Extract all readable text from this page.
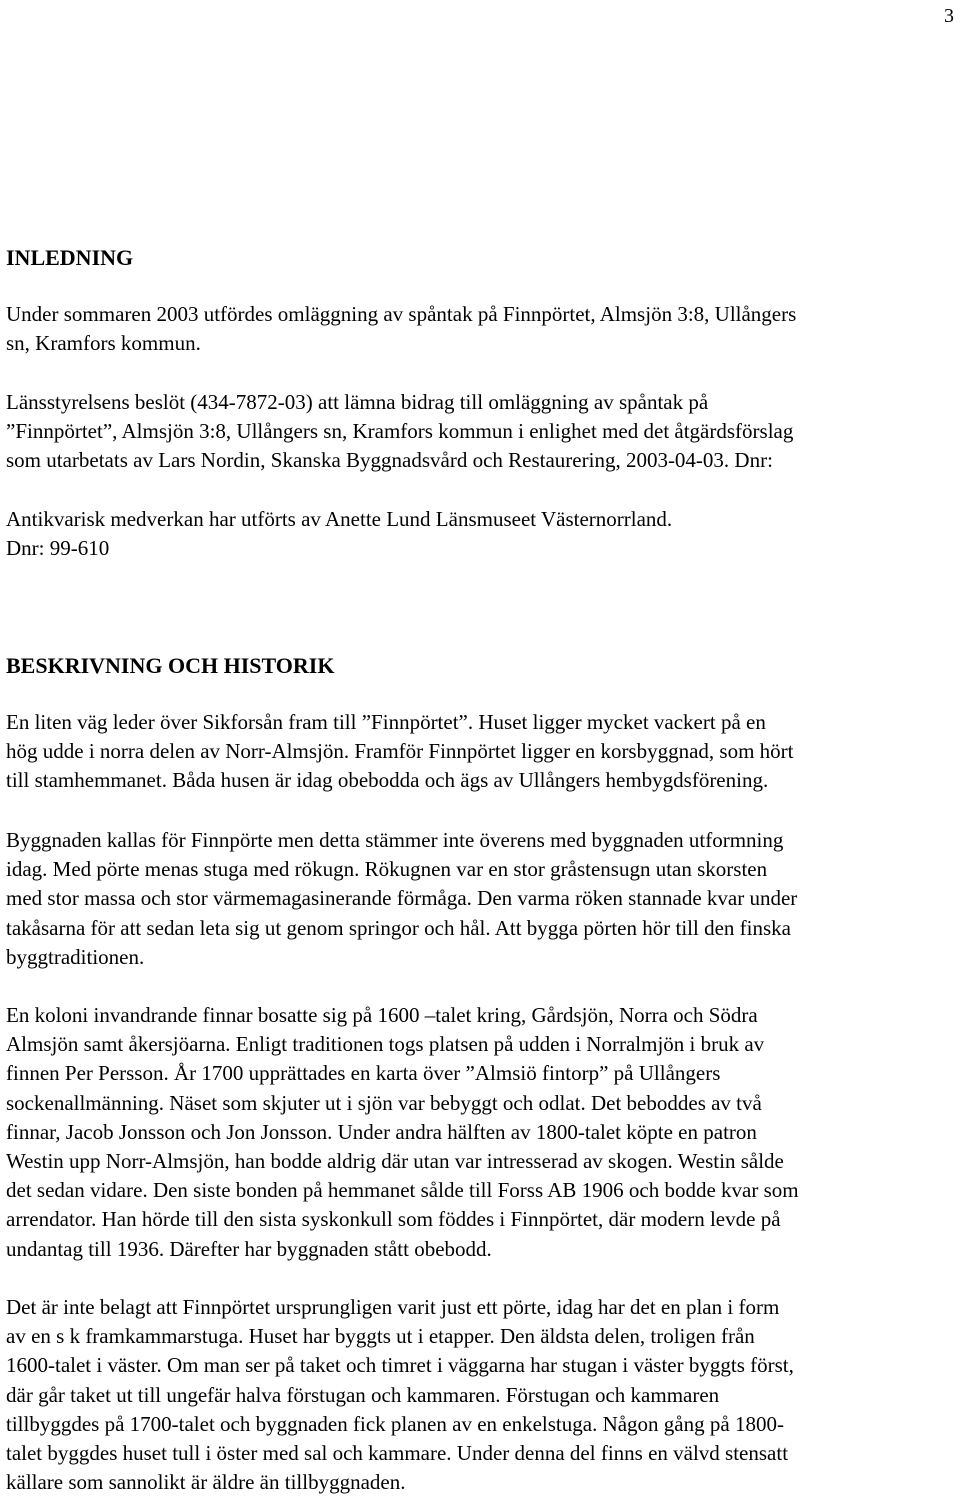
3
INLEDNING
Under sommaren 2003 utfördes omläggning av spåntak på Finnpörtet, Almsjön 3:8, Ullångers
sn, Kramfors kommun.
Länsstyrelsens beslöt (434-7872-03) att lämna bidrag till omläggning av spåntak på
”Finnpörtet”, Almsjön 3:8, Ullångers sn, Kramfors kommun i enlighet med det åtgärdsförslag
som utarbetats av Lars Nordin, Skanska Byggnadsvård och Restaurering, 2003-04-03. Dnr:
Antikvarisk medverkan har utförts av Anette Lund Länsmuseet Västernorrland.
Dnr: 99-610
BESKRIVNING OCH HISTORIK
En liten väg leder över Sikforsån fram till ”Finnpörtet”. Huset ligger mycket vackert på en
hög udde i norra delen av Norr-Almsjön. Framför Finnpörtet ligger en korsbyggnad, som hört
till stamhemmanet. Båda husen är idag obebodda och ägs av Ullångers hembygdsförening.
Byggnaden kallas för Finnpörte men detta stämmer inte överens med byggnaden utformning
idag. Med pörte menas stuga med rökugn. Rökugnen var en stor gråstensugn utan skorsten
med stor massa och stor värmemagasinerande förmåga. Den varma röken stannade kvar under
takåsarna för att sedan leta sig ut genom springor och hål. Att bygga pörten hör till den finska
byggtraditionen.
En koloni invandrande finnar bosatte sig på 1600 –talet kring, Gårdsjön, Norra och Södra
Almsjön samt åkersjöarna. Enligt traditionen togs platsen på udden i Norralmjön i bruk av
finnen Per Persson. År 1700 upprättades en karta över ”Almsiö fintorp” på Ullångers
sockenallmänning. Näset som skjuter ut i sjön var bebyggt och odlat. Det beboddes av två
finnar, Jacob Jonsson och Jon Jonsson. Under andra hälften av 1800-talet köpte en patron
Westin upp Norr-Almsjön, han bodde aldrig där utan var intresserad av skogen. Westin sålde
det sedan vidare. Den siste bonden på hemmanet sålde till Forss AB 1906 och bodde kvar som
arrendator. Han hörde till den sista syskonkull som föddes i Finnpörtet, där modern levde på
undantag till 1936. Därefter har byggnaden stått obebodd.
Det är inte belagt att Finnpörtet ursprungligen varit just ett pörte, idag har det en plan i form
av en s k framkammarstuga. Huset har byggts ut i etapper. Den äldsta delen, troligen från
1600-talet i väster. Om man ser på taket och timret i väggarna har stugan i väster byggts först,
där går taket ut till ungefär halva förstugan och kammaren. Förstugan och kammaren
tillbyggdes på 1700-talet och byggnaden fick planen av en enkelstuga. Någon gång på 1800-
talet byggdes huset tull i öster med sal och kammare. Under denna del finns en välvd stensatt
källare som sannolikt är äldre än tillbyggnaden.
